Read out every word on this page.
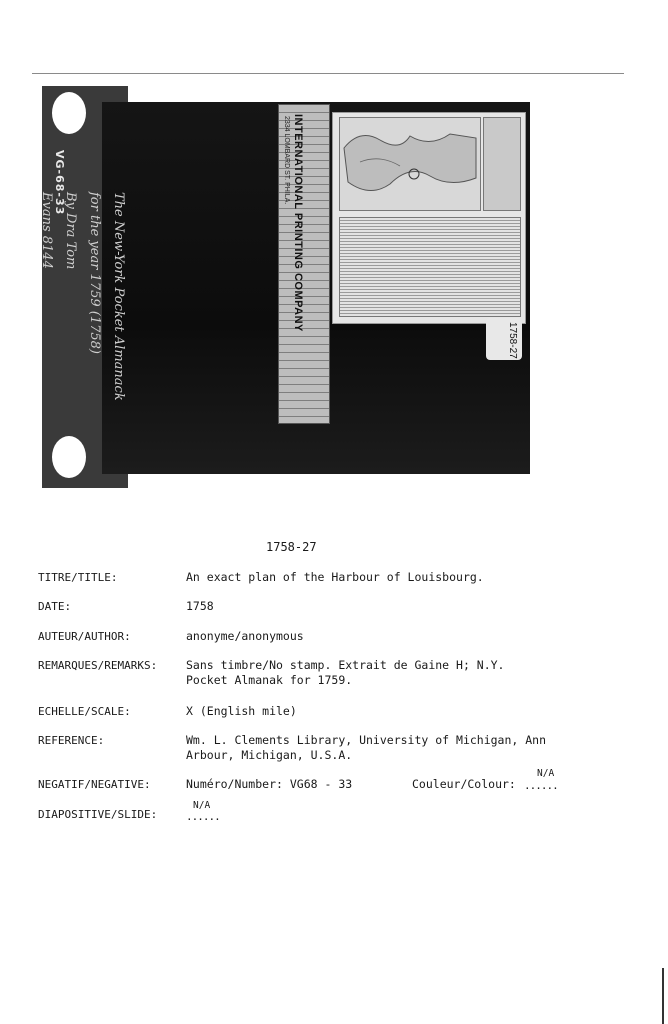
VG-68-33
The New-York Pocket Almanack
for the year 1759 (1758)
By Dra Tom
Evans 8144	INTERNATIONAL PRINTING COMPANY
2334 LOMBARD ST. PHILA.
1758-27
1758-27
TITRE/TITLE:	An exact plan of the Harbour of Louisbourg.
DATE:	1758
AUTEUR/AUTHOR:	anonyme/anonymous
REMARQUES/REMARKS:	Sans timbre/No stamp. Extrait de Gaine H; N.Y.
Pocket Almanak for 1759.
ECHELLE/SCALE:	X (English mile)
REFERENCE:	Wm. L. Clements Library, University of Michigan, Ann
Arbour, Michigan, U.S.A.
NEGATIF/NEGATIVE:	Numéro/Number: VG68 - 33	Couleur/Colour: ......
N/A
DIAPOSITIVE/SLIDE:	......
N/A
